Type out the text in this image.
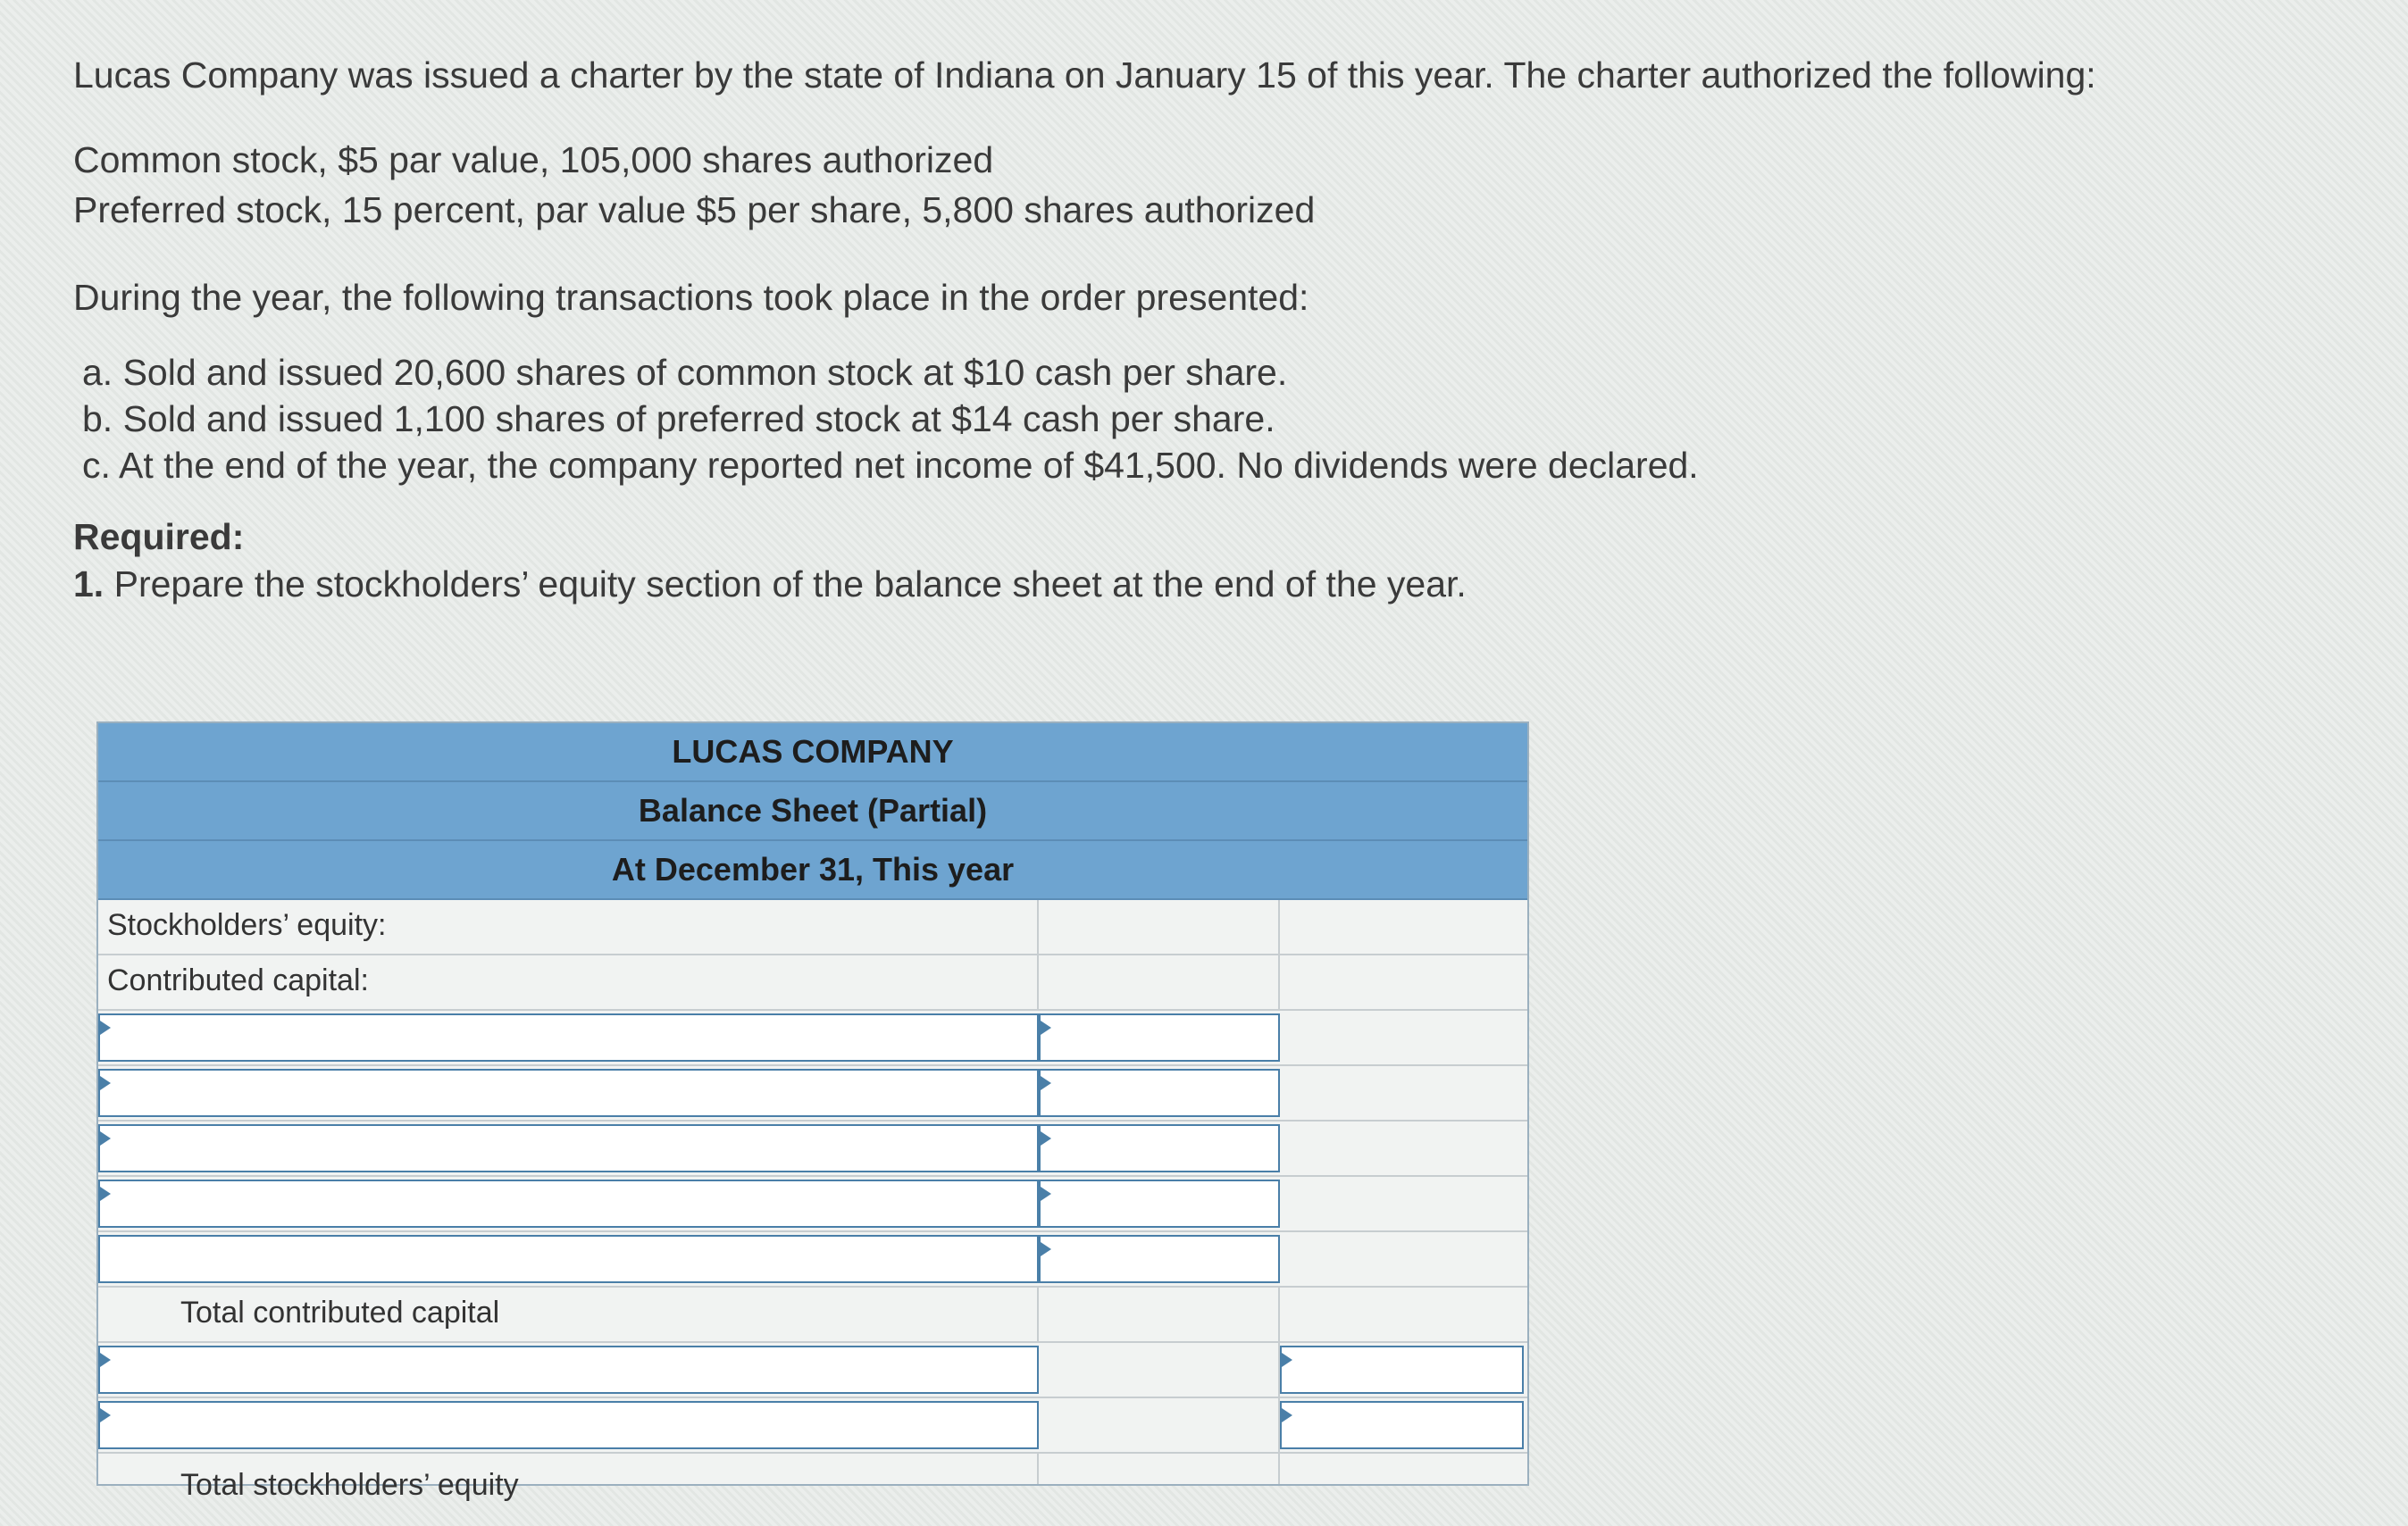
Lucas Company was issued a charter by the state of Indiana on January 15 of this year. The charter authorized the following:

Common stock, $5 par value, 105,000 shares authorized
Preferred stock, 15 percent, par value $5 per share, 5,800 shares authorized

During the year, the following transactions took place in the order presented:

a. Sold and issued 20,600 shares of common stock at $10 cash per share.
b. Sold and issued 1,100 shares of preferred stock at $14 cash per share.
c. At the end of the year, the company reported net income of $41,500. No dividends were declared.
Required:
1. Prepare the stockholders’ equity section of the balance sheet at the end of the year.
LUCAS COMPANY
Balance Sheet (Partial)
At December 31, This year
Stockholders’ equity:
Contributed capital:
Total contributed capital
Total stockholders’ equity
